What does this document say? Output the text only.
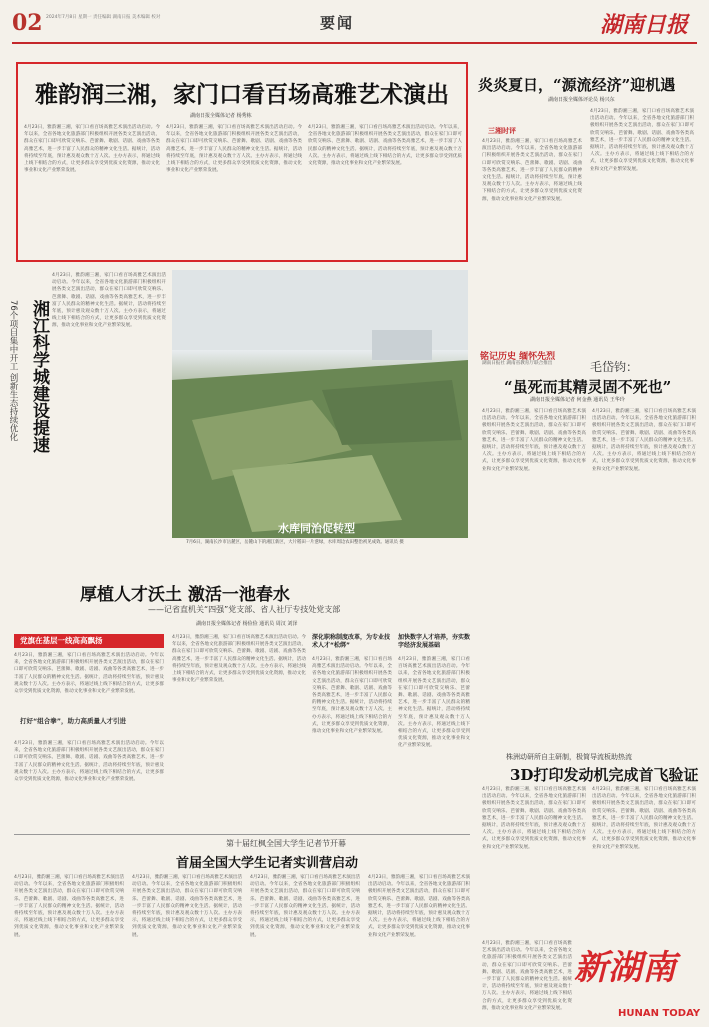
02 2024年7月8日 星期一 责任编辑 湖南日报 美术编辑 校对	要闻	湖南日报
雅韵润三湘，家门口看百场高雅艺术演出
湖南日报全媒体记者 杨秀栋
4月23日，雅韵湘三湘，家门口看百场高雅艺术演出活动启动。今年以来，全省各地文化旅游部门积极组织开展各类文艺演出活动，群众在家门口即可欣赏交响乐、芭蕾舞、歌剧、话剧、戏曲等各类高雅艺术，进一步丰富了人民群众的精神文化生活。据统计，活动将持续至年底，预计惠及观众数十万人次。主办方表示，将通过线上线下相结合的方式，让更多群众享受到优质文化资源，推动文化事业和文化产业繁荣发展。
4月23日，雅韵湘三湘，家门口看百场高雅艺术演出活动启动。今年以来，全省各地文化旅游部门积极组织开展各类文艺演出活动，群众在家门口即可欣赏交响乐、芭蕾舞、歌剧、话剧、戏曲等各类高雅艺术，进一步丰富了人民群众的精神文化生活。据统计，活动将持续至年底，预计惠及观众数十万人次。主办方表示，将通过线上线下相结合的方式，让更多群众享受到优质文化资源，推动文化事业和文化产业繁荣发展。
4月23日，雅韵湘三湘，家门口看百场高雅艺术演出活动启动。今年以来，全省各地文化旅游部门积极组织开展各类文艺演出活动，群众在家门口即可欣赏交响乐、芭蕾舞、歌剧、话剧、戏曲等各类高雅艺术，进一步丰富了人民群众的精神文化生活。据统计，活动将持续至年底，预计惠及观众数十万人次。主办方表示，将通过线上线下相结合的方式，让更多群众享受到优质文化资源，推动文化事业和文化产业繁荣发展。
炎炎夏日，“源流经济”迎机遇
湖南日报全媒体评论员 杨兴东
三湘时评
4月23日，雅韵湘三湘，家门口看百场高雅艺术演出活动启动。今年以来，全省各地文化旅游部门积极组织开展各类文艺演出活动，群众在家门口即可欣赏交响乐、芭蕾舞、歌剧、话剧、戏曲等各类高雅艺术，进一步丰富了人民群众的精神文化生活。据统计，活动将持续至年底，预计惠及观众数十万人次。主办方表示，将通过线上线下相结合的方式，让更多群众享受到优质文化资源，推动文化事业和文化产业繁荣发展。
4月23日，雅韵湘三湘，家门口看百场高雅艺术演出活动启动。今年以来，全省各地文化旅游部门积极组织开展各类文艺演出活动，群众在家门口即可欣赏交响乐、芭蕾舞、歌剧、话剧、戏曲等各类高雅艺术，进一步丰富了人民群众的精神文化生活。据统计，活动将持续至年底，预计惠及观众数十万人次。主办方表示，将通过线上线下相结合的方式，让更多群众享受到优质文化资源，推动文化事业和文化产业繁荣发展。
76个项目集中开工 创新生态持续优化 湘江科学城建设提速
4月23日，雅韵湘三湘，家门口看百场高雅艺术演出活动启动。今年以来，全省各地文化旅游部门积极组织开展各类文艺演出活动，群众在家门口即可欣赏交响乐、芭蕾舞、歌剧、话剧、戏曲等各类高雅艺术，进一步丰富了人民群众的精神文化生活。据统计，活动将持续至年底，预计惠及观众数十万人次。主办方表示，将通过线上线下相结合的方式，让更多群众享受到优质文化资源，推动文化事业和文化产业繁荣发展。
水库同治促转型
7月6日，湖南长沙市岳麓区，岳麓山下的湘江新区，大片稻田一片葱绿，水库周边农田整治初见成效。通讯员 摄
厚植人才沃土 激活一池春水
——记省直机关“四强”党支部、省人社厅专技处党支部
湖南日报全媒体记者 杨俭俭 通讯员 周汉 刘泽
党旗在基层一线高高飘扬
4月23日，雅韵湘三湘，家门口看百场高雅艺术演出活动启动。今年以来，全省各地文化旅游部门积极组织开展各类文艺演出活动，群众在家门口即可欣赏交响乐、芭蕾舞、歌剧、话剧、戏曲等各类高雅艺术，进一步丰富了人民群众的精神文化生活。据统计，活动将持续至年底，预计惠及观众数十万人次。主办方表示，将通过线上线下相结合的方式，让更多群众享受到优质文化资源，推动文化事业和文化产业繁荣发展。
打好“组合拳”，助力高质量人才引进
4月23日，雅韵湘三湘，家门口看百场高雅艺术演出活动启动。今年以来，全省各地文化旅游部门积极组织开展各类文艺演出活动，群众在家门口即可欣赏交响乐、芭蕾舞、歌剧、话剧、戏曲等各类高雅艺术，进一步丰富了人民群众的精神文化生活。据统计，活动将持续至年底，预计惠及观众数十万人次。主办方表示，将通过线上线下相结合的方式，让更多群众享受到优质文化资源，推动文化事业和文化产业繁荣发展。
4月23日，雅韵湘三湘，家门口看百场高雅艺术演出活动启动。今年以来，全省各地文化旅游部门积极组织开展各类文艺演出活动，群众在家门口即可欣赏交响乐、芭蕾舞、歌剧、话剧、戏曲等各类高雅艺术，进一步丰富了人民群众的精神文化生活。据统计，活动将持续至年底，预计惠及观众数十万人次。主办方表示，将通过线上线下相结合的方式，让更多群众享受到优质文化资源，推动文化事业和文化产业繁荣发展。
深化职称制度改革，为专业技术人才“松绑”
4月23日，雅韵湘三湘，家门口看百场高雅艺术演出活动启动。今年以来，全省各地文化旅游部门积极组织开展各类文艺演出活动，群众在家门口即可欣赏交响乐、芭蕾舞、歌剧、话剧、戏曲等各类高雅艺术，进一步丰富了人民群众的精神文化生活。据统计，活动将持续至年底，预计惠及观众数十万人次。主办方表示，将通过线上线下相结合的方式，让更多群众享受到优质文化资源，推动文化事业和文化产业繁荣发展。
加快数字人才培养，夯实数字经济发展基础
4月23日，雅韵湘三湘，家门口看百场高雅艺术演出活动启动。今年以来，全省各地文化旅游部门积极组织开展各类文艺演出活动，群众在家门口即可欣赏交响乐、芭蕾舞、歌剧、话剧、戏曲等各类高雅艺术，进一步丰富了人民群众的精神文化生活。据统计，活动将持续至年底，预计惠及观众数十万人次。主办方表示，将通过线上线下相结合的方式，让更多群众享受到优质文化资源，推动文化事业和文化产业繁荣发展。
铭记历史 缅怀先烈
湖南日报社 湖南省教育厅联合推出	毛岱钧：
“虽死而其精灵固不死也”
湖南日报全媒体记者 何金燕 通讯员 王华玲
4月23日，雅韵湘三湘，家门口看百场高雅艺术演出活动启动。今年以来，全省各地文化旅游部门积极组织开展各类文艺演出活动，群众在家门口即可欣赏交响乐、芭蕾舞、歌剧、话剧、戏曲等各类高雅艺术，进一步丰富了人民群众的精神文化生活。据统计，活动将持续至年底，预计惠及观众数十万人次。主办方表示，将通过线上线下相结合的方式，让更多群众享受到优质文化资源，推动文化事业和文化产业繁荣发展。
4月23日，雅韵湘三湘，家门口看百场高雅艺术演出活动启动。今年以来，全省各地文化旅游部门积极组织开展各类文艺演出活动，群众在家门口即可欣赏交响乐、芭蕾舞、歌剧、话剧、戏曲等各类高雅艺术，进一步丰富了人民群众的精神文化生活。据统计，活动将持续至年底，预计惠及观众数十万人次。主办方表示，将通过线上线下相结合的方式，让更多群众享受到优质文化资源，推动文化事业和文化产业繁荣发展。
株洲动研所自主研制，极简导流板助热流
3D打印发动机完成首飞验证
4月23日，雅韵湘三湘，家门口看百场高雅艺术演出活动启动。今年以来，全省各地文化旅游部门积极组织开展各类文艺演出活动，群众在家门口即可欣赏交响乐、芭蕾舞、歌剧、话剧、戏曲等各类高雅艺术，进一步丰富了人民群众的精神文化生活。据统计，活动将持续至年底，预计惠及观众数十万人次。主办方表示，将通过线上线下相结合的方式，让更多群众享受到优质文化资源，推动文化事业和文化产业繁荣发展。
4月23日，雅韵湘三湘，家门口看百场高雅艺术演出活动启动。今年以来，全省各地文化旅游部门积极组织开展各类文艺演出活动，群众在家门口即可欣赏交响乐、芭蕾舞、歌剧、话剧、戏曲等各类高雅艺术，进一步丰富了人民群众的精神文化生活。据统计，活动将持续至年底，预计惠及观众数十万人次。主办方表示，将通过线上线下相结合的方式，让更多群众享受到优质文化资源，推动文化事业和文化产业繁荣发展。
第十届红枫全国大学生记者节开幕
首届全国大学生记者实训营启动
4月23日，雅韵湘三湘，家门口看百场高雅艺术演出活动启动。今年以来，全省各地文化旅游部门积极组织开展各类文艺演出活动，群众在家门口即可欣赏交响乐、芭蕾舞、歌剧、话剧、戏曲等各类高雅艺术，进一步丰富了人民群众的精神文化生活。据统计，活动将持续至年底，预计惠及观众数十万人次。主办方表示，将通过线上线下相结合的方式，让更多群众享受到优质文化资源，推动文化事业和文化产业繁荣发展。
4月23日，雅韵湘三湘，家门口看百场高雅艺术演出活动启动。今年以来，全省各地文化旅游部门积极组织开展各类文艺演出活动，群众在家门口即可欣赏交响乐、芭蕾舞、歌剧、话剧、戏曲等各类高雅艺术，进一步丰富了人民群众的精神文化生活。据统计，活动将持续至年底，预计惠及观众数十万人次。主办方表示，将通过线上线下相结合的方式，让更多群众享受到优质文化资源，推动文化事业和文化产业繁荣发展。
4月23日，雅韵湘三湘，家门口看百场高雅艺术演出活动启动。今年以来，全省各地文化旅游部门积极组织开展各类文艺演出活动，群众在家门口即可欣赏交响乐、芭蕾舞、歌剧、话剧、戏曲等各类高雅艺术，进一步丰富了人民群众的精神文化生活。据统计，活动将持续至年底，预计惠及观众数十万人次。主办方表示，将通过线上线下相结合的方式，让更多群众享受到优质文化资源，推动文化事业和文化产业繁荣发展。
4月23日，雅韵湘三湘，家门口看百场高雅艺术演出活动启动。今年以来，全省各地文化旅游部门积极组织开展各类文艺演出活动，群众在家门口即可欣赏交响乐、芭蕾舞、歌剧、话剧、戏曲等各类高雅艺术，进一步丰富了人民群众的精神文化生活。据统计，活动将持续至年底，预计惠及观众数十万人次。主办方表示，将通过线上线下相结合的方式，让更多群众享受到优质文化资源，推动文化事业和文化产业繁荣发展。
4月23日，雅韵湘三湘，家门口看百场高雅艺术演出活动启动。今年以来，全省各地文化旅游部门积极组织开展各类文艺演出活动，群众在家门口即可欣赏交响乐、芭蕾舞、歌剧、话剧、戏曲等各类高雅艺术，进一步丰富了人民群众的精神文化生活。据统计，活动将持续至年底，预计惠及观众数十万人次。主办方表示，将通过线上线下相结合的方式，让更多群众享受到优质文化资源，推动文化事业和文化产业繁荣发展。
新湖南
HUNAN TODAY
